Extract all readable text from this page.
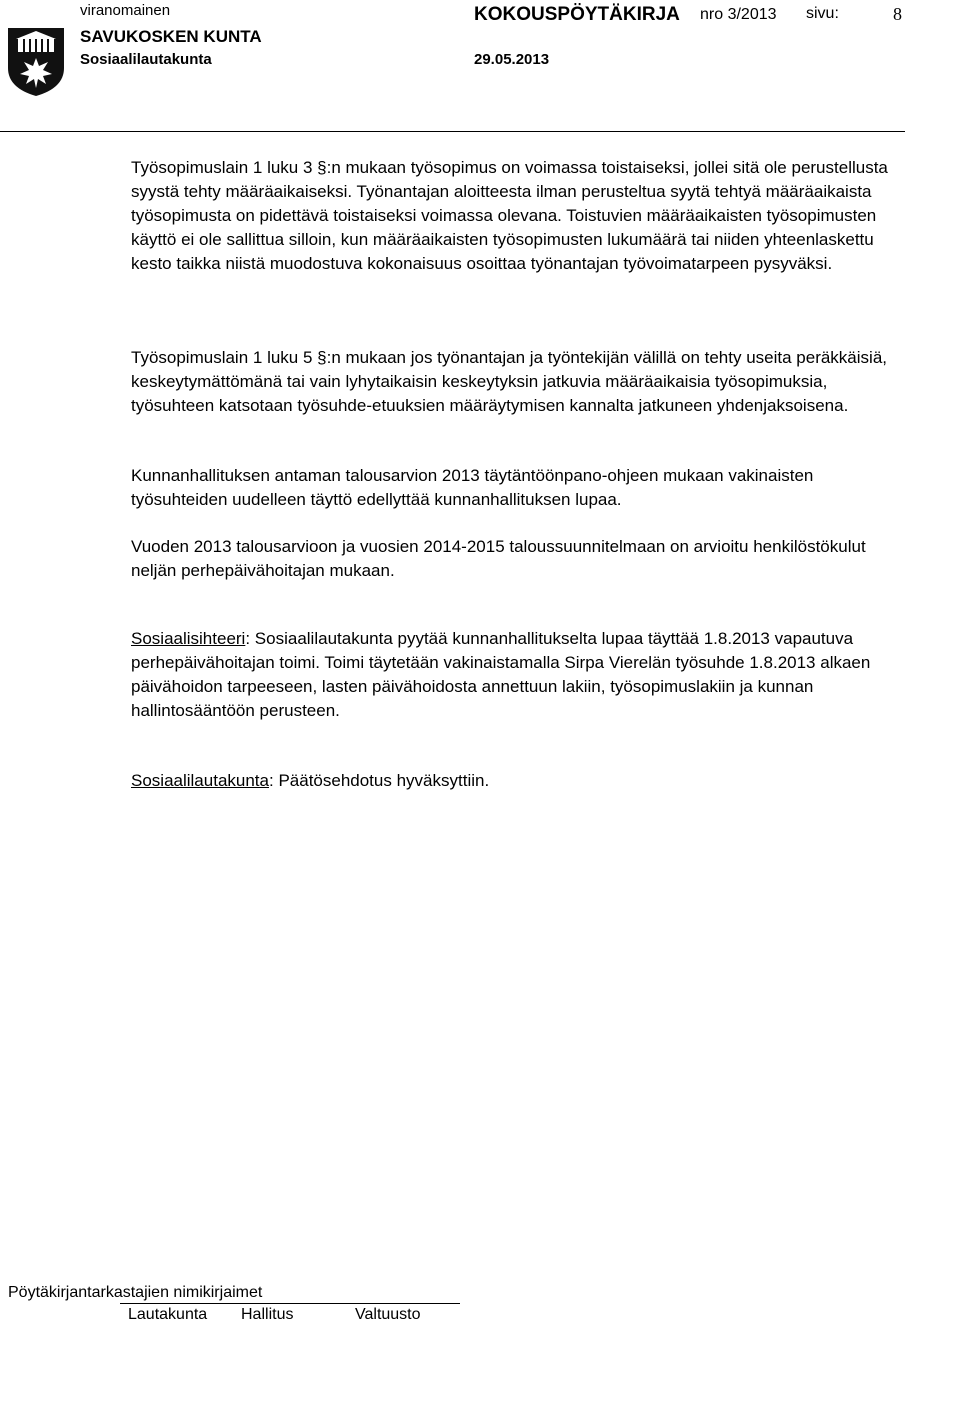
viranomainen
SAVUKOSKEN KUNTA
Sosiaalilautakunta
KOKOUSPÖYTÄKIRJA nro 3/2013 sivu:	8
29.05.2013

Työsopimuslain 1 luku 3 §:n mukaan työsopimus on voimassa toistaiseksi, jollei sitä ole perustellusta syystä tehty määräaikaiseksi. Työnantajan aloitteesta ilman perusteltua syytä tehtyä määräaikaista työsopimusta on pidettävä toistaiseksi voimassa olevana. Toistuvien määräaikaisten työsopimusten käyttö ei ole sallittua silloin, kun määräaikaisten työsopimusten lukumäärä tai niiden yhteenlaskettu kesto taikka niistä muodostuva kokonaisuus osoittaa työnantajan työvoimatarpeen pysyväksi.

Työsopimuslain 1 luku 5 §:n mukaan jos työnantajan ja työntekijän välillä on tehty useita peräkkäisiä, keskeytymättömänä tai vain lyhytaikaisin keskeytyksin jatkuvia määräaikaisia työsopimuksia, työsuhteen katsotaan työsuhde-etuuksien määräytymisen kannalta jatkuneen yhdenjaksoisena.

Kunnanhallituksen antaman talousarvion 2013 täytäntöönpano-ohjeen mukaan vakinaisten työsuhteiden uudelleen täyttö edellyttää kunnanhallituksen lupaa.

Vuoden 2013 talousarvioon ja vuosien 2014-2015 taloussuunnitelmaan on arvioitu henkilöstökulut neljän perhepäivähoitajan mukaan.

Sosiaalisihteeri: Sosiaalilautakunta pyytää kunnanhallitukselta lupaa täyttää 1.8.2013 vapautuva perhepäivähoitajan toimi. Toimi täytetään vakinaistamalla Sirpa Vierelän työsuhde 1.8.2013 alkaen päivähoidon tarpeeseen, lasten päivähoidosta annettuun lakiin, työsopimuslakiin ja kunnan hallintosääntöön perusteen.

Sosiaalilautakunta: Päätösehdotus hyväksyttiin.

Pöytäkirjantarkastajien nimikirjaimet
Lautakunta Hallitus	Valtuusto
